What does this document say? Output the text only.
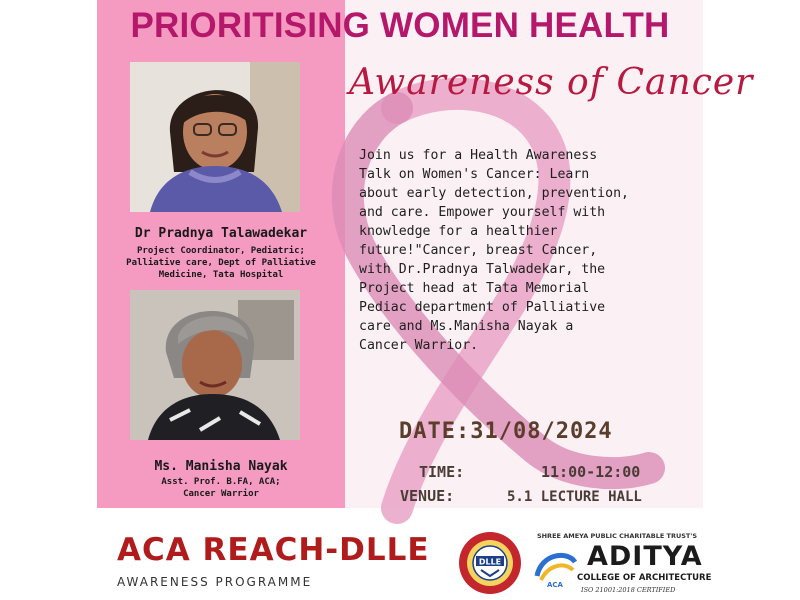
PRIORITISING WOMEN HEALTH
Awareness of Cancer
Dr Pradnya Talawadekar

Project Coordinator, Pediatric;

Palliative care, Dept of Palliative

Medicine, Tata Hospital

Ms. Manisha Nayak

Asst. Prof. B.FA, ACA;

Cancer Warrior

Join us for a Health Awareness

Talk on Women's Cancer: Learn

about early detection, prevention,

and care. Empower yourself with

knowledge for a healthier

future!"Cancer, breast Cancer,

with Dr.Pradnya Talwadekar, the

Project head at Tata Memorial

Pediac department of Palliative

care and Ms.Manisha Nayak a

Cancer Warrior.

DATE:31/08/2024
TIME:	11:00-12:00
VENUE:	5.1 LECTURE HALL
ACA REACH-DLLE
AWARENESS PROGRAMME
DLLE
SHREE AMEYA PUBLIC CHARITABLE TRUST'S
ACA
ADITYA
COLLEGE OF ARCHITECTURE
ISO 21001:2018 CERTIFIED
